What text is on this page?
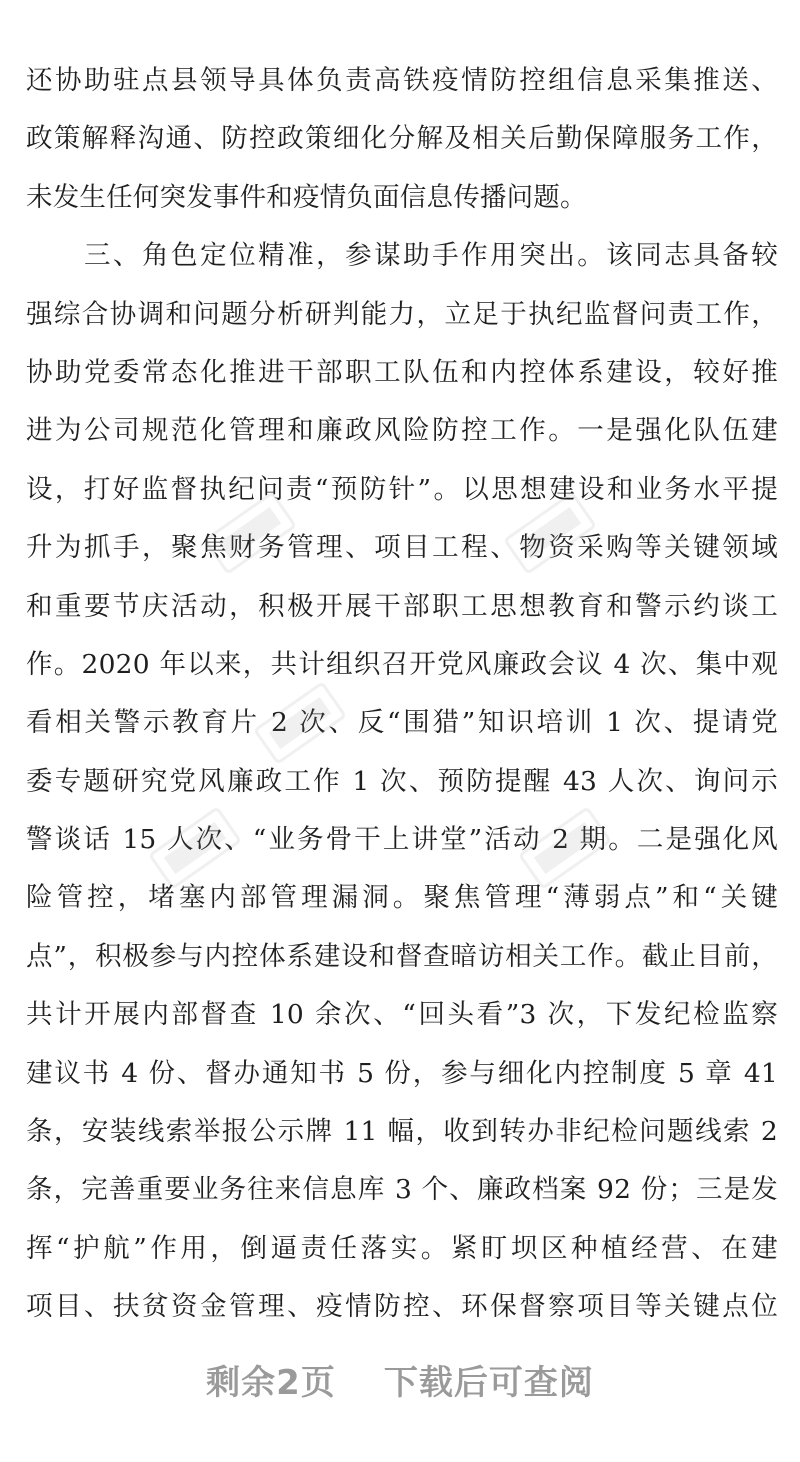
还协助驻点县领导具体负责高铁疫情防控组信息采集推送、
政策解释沟通、防控政策细化分解及相关后勤保障服务工作，
未发生任何突发事件和疫情负面信息传播问题。
　　三、角色定位精准，参谋助手作用突出。该同志具备较
强综合协调和问题分析研判能力，立足于执纪监督问责工作，
协助党委常态化推进干部职工队伍和内控体系建设，较好推
进为公司规范化管理和廉政风险防控工作。一是强化队伍建
设，打好监督执纪问责“预防针”。以思想建设和业务水平提
升为抓手，聚焦财务管理、项目工程、物资采购等关键领域
和重要节庆活动，积极开展干部职工思想教育和警示约谈工
作。2020 年以来，共计组织召开党风廉政会议 4 次、集中观
看相关警示教育片 2 次、反“围猎”知识培训 1 次、提请党
委专题研究党风廉政工作 1 次、预防提醒 43 人次、询问示
警谈话 15 人次、“业务骨干上讲堂”活动 2 期。二是强化风
险管控，堵塞内部管理漏洞。聚焦管理“薄弱点”和“关键
点”，积极参与内控体系建设和督查暗访相关工作。截止目前，
共计开展内部督查 10 余次、“回头看”3 次，下发纪检监察
建议书 4 份、督办通知书 5 份，参与细化内控制度 5 章 41
条，安装线索举报公示牌 11 幅，收到转办非纪检问题线索 2
条，完善重要业务往来信息库 3 个、廉政档案 92 份；三是发
挥“护航”作用，倒逼责任落实。紧盯坝区种植经营、在建
项目、扶贫资金管理、疫情防控、环保督察项目等关键点位
剩余2页 下载后可查阅
